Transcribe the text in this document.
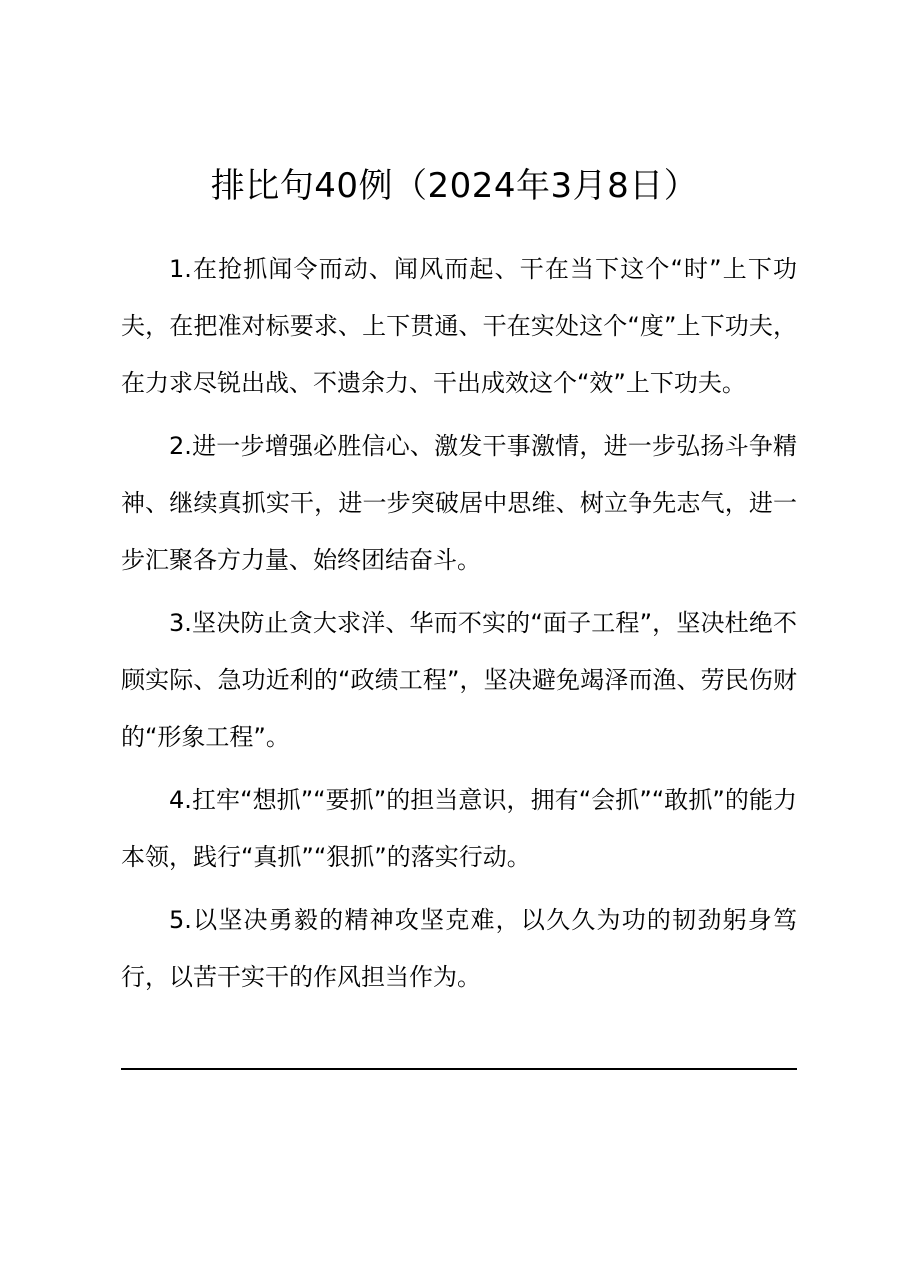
排比句40例（2024年3月8日）

1.在抢抓闻令而动、闻风而起、干在当下这个“时”上下功夫，在把准对标要求、上下贯通、干在实处这个“度”上下功夫，在力求尽锐出战、不遗余力、干出成效这个“效”上下功夫。

2.进一步增强必胜信心、激发干事激情，进一步弘扬斗争精神、继续真抓实干，进一步突破居中思维、树立争先志气，进一步汇聚各方力量、始终团结奋斗。

3.坚决防止贪大求洋、华而不实的“面子工程”，坚决杜绝不顾实际、急功近利的“政绩工程”，坚决避免竭泽而渔、劳民伤财的“形象工程”。

4.扛牢“想抓”“要抓”的担当意识，拥有“会抓”“敢抓”的能力本领，践行“真抓”“狠抓”的落实行动。

5.以坚决勇毅的精神攻坚克难，以久久为功的韧劲躬身笃行，以苦干实干的作风担当作为。
